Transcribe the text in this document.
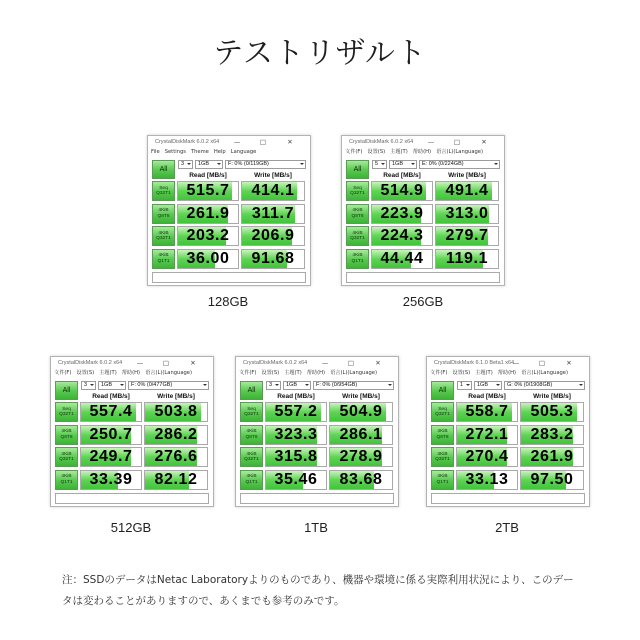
テストリザルト
CrystalDiskMark 6.0.2 x64	—	□	✕
File Settings Theme Help Language
All
3	1GB	F: 0% (0/119GB)
Read [MB/s]	Write [MB/s]
Seq
Q32T1 515.7	414.1
4KiB
Q8T8	261.9	311.7
4KiB
Q32T1 203.2	206.9
4KiB
Q1T1	36.00	91.68
128GB
CrystalDiskMark 6.0.2 x64	—	□	✕
文件(F) 设置(S) 主题(T) 帮助(H) 语言(L)(Language)
All
5	1GB	E: 0% (0/224GB)
Read [MB/s]	Write [MB/s]
Seq
Q32T1 514.9	491.4
4KiB
Q8T8	223.9	313.0
4KiB
Q32T1 224.3	279.7
4KiB
Q1T1	44.44	119.1
256GB
CrystalDiskMark 6.0.2 x64	—	□	✕
文件(F) 设置(S) 主题(T) 帮助(H) 语言(L)(Language)
All
3	1GB	F: 0% (0/477GB)
Read [MB/s]	Write [MB/s]
Seq
Q32T1 557.4	503.8
4KiB
Q8T8	250.7	286.2
4KiB
Q32T1 249.7	276.6
4KiB
Q1T1	33.39	82.12
512GB
CrystalDiskMark 6.0.2 x64	—	□	✕
文件(F) 设置(S) 主题(T) 帮助(H) 语言(L)(Language)
All
3	1GB	F: 0% (0/954GB)
Read [MB/s]	Write [MB/s]
Seq
Q32T1 557.2	504.9
4KiB
Q8T8	323.3	286.1
4KiB
Q32T1 315.8	278.9
4KiB
Q1T1	35.46	83.68
1TB
CrystalDiskMark 6.1.0 Beta1 x64
—	□	✕
文件(F) 设置(S) 主题(T) 帮助(H) 语言(L)(Language)
All
1	1GB	G: 0% (0/1908GB)
Read [MB/s]	Write [MB/s]
Seq
Q32T1 558.7	505.3
4KiB
Q8T8	272.1	283.2
4KiB
Q32T1 270.4	261.9
4KiB
Q1T1	33.13	97.50
2TB

注：SSDのデータはNetac Laboratoryよりのものであり、機器や環境に係る実際利用状況により、このデータは変わることがありますので、あくまでも参考のみです。
